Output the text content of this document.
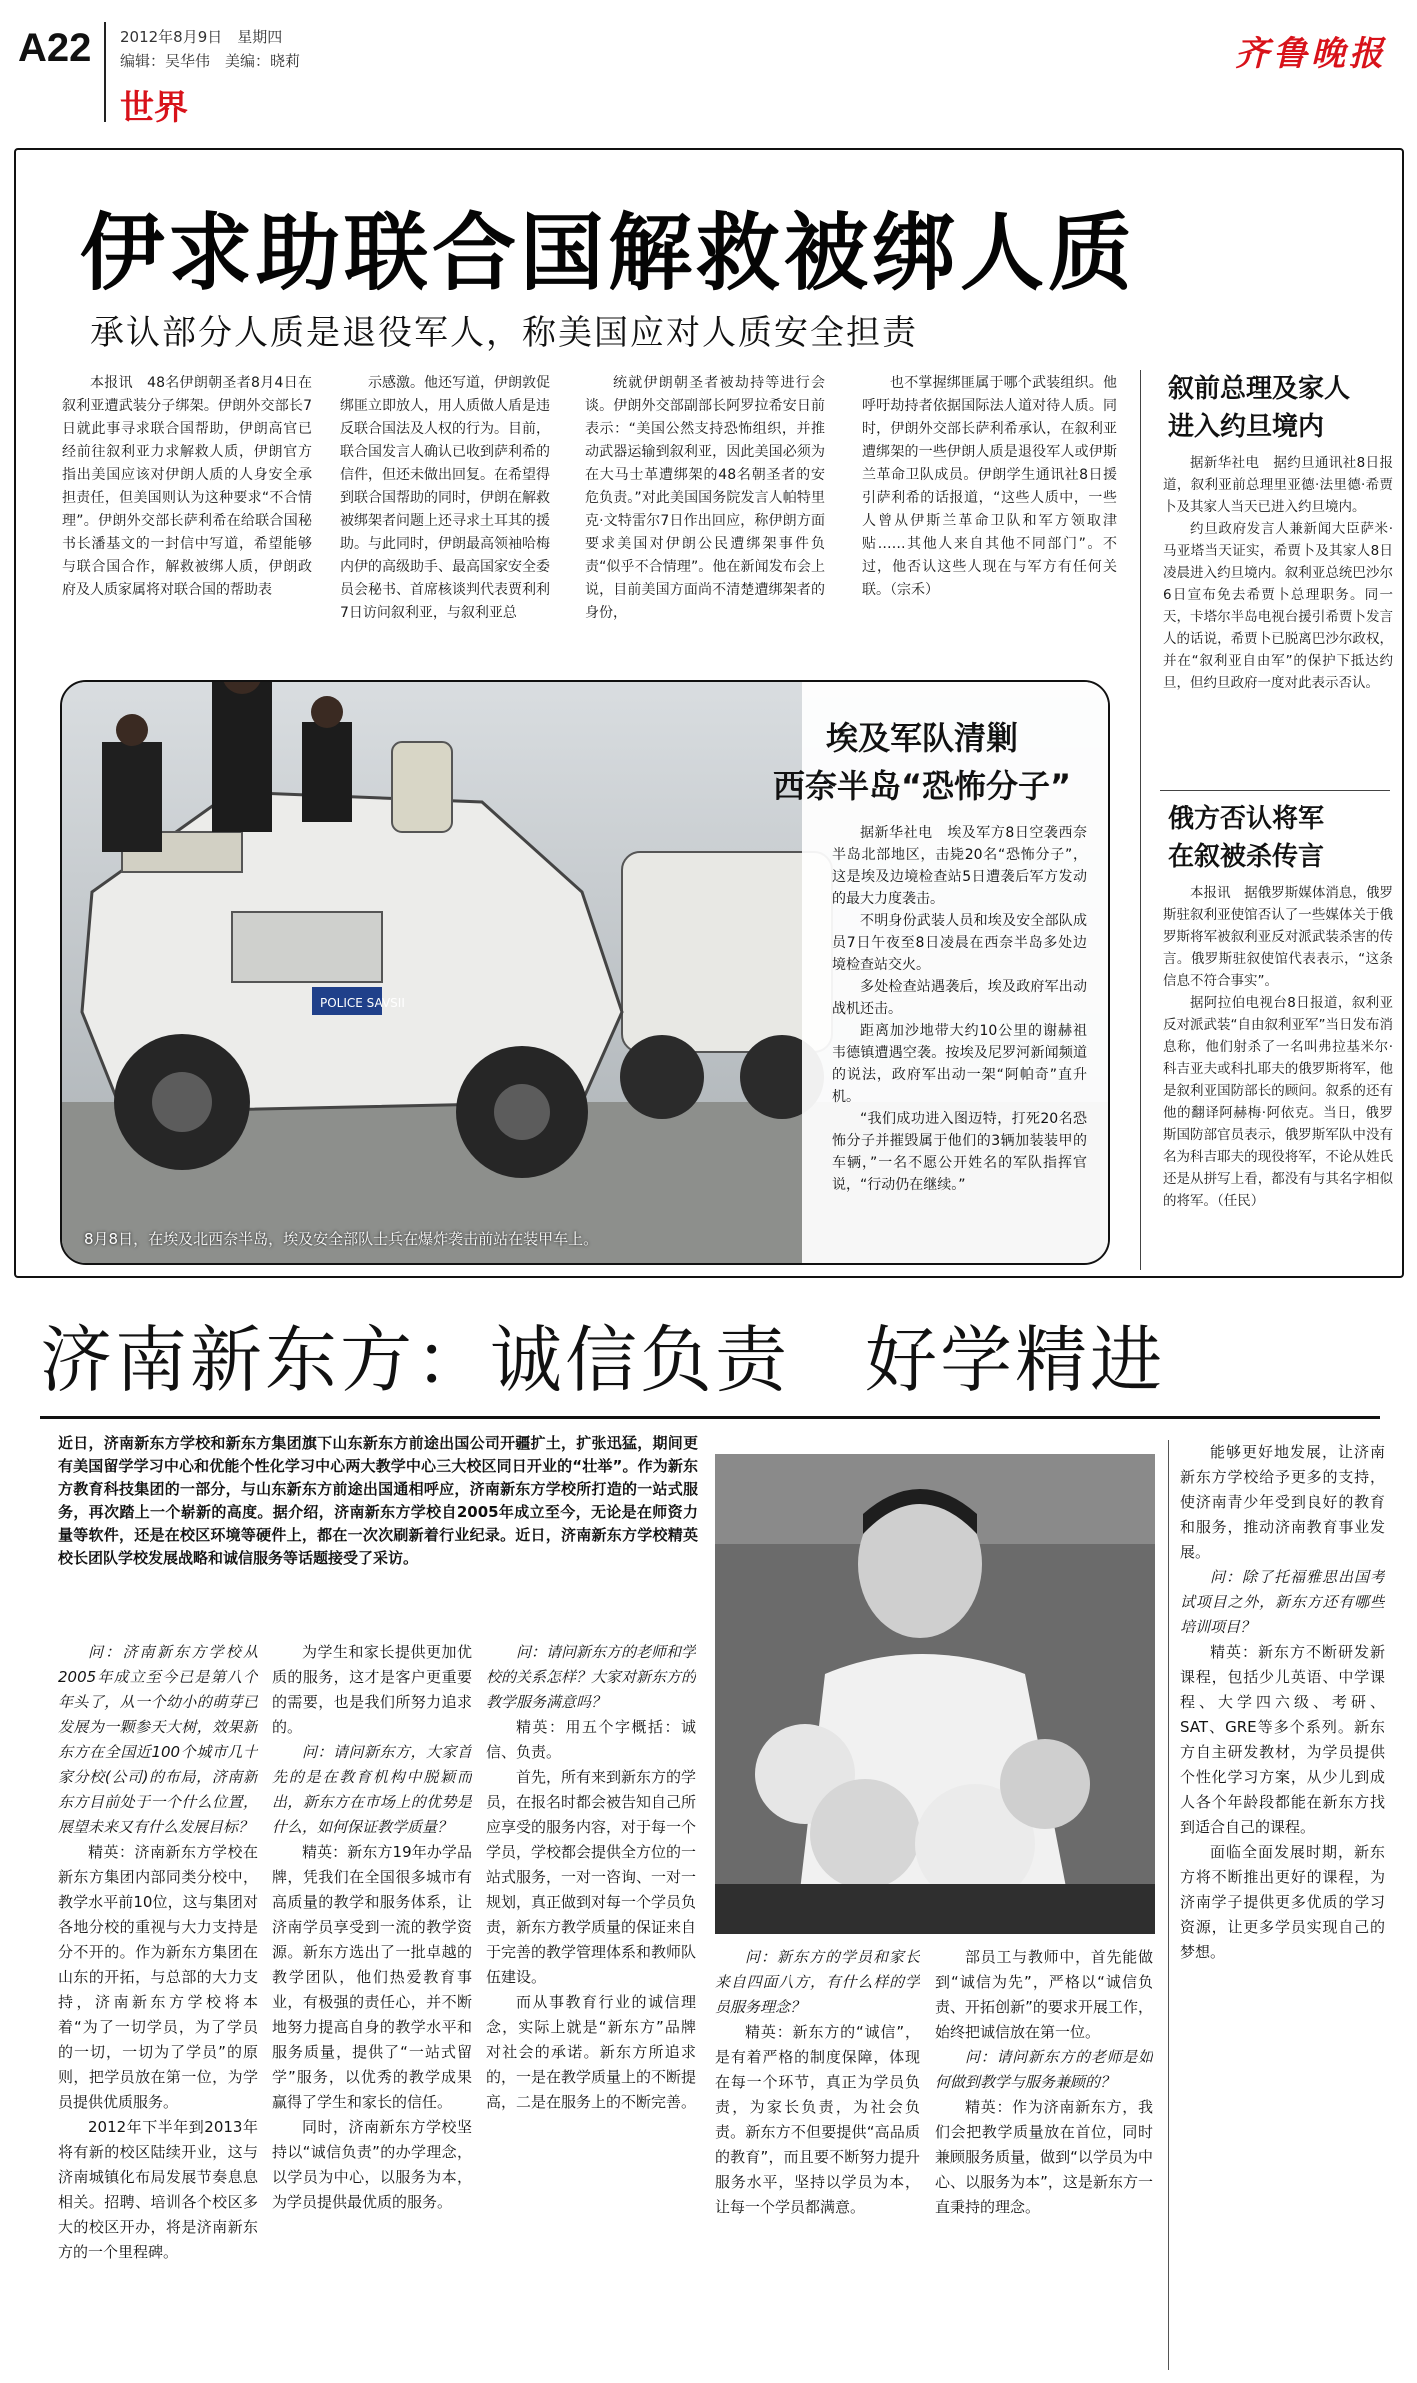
A22 2012年8月9日　星期四
编辑：吴华伟　美编：晓莉
世界
齐鲁晚报
伊求助联合国解救被绑人质
承认部分人质是退役军人，称美国应对人质安全担责

本报讯　48名伊朗朝圣者8月4日在叙利亚遭武装分子绑架。伊朗外交部长7日就此事寻求联合国帮助，伊朗高官已经前往叙利亚力求解救人质，伊朗官方指出美国应该对伊朗人质的人身安全承担责任，但美国则认为这种要求“不合情理”。伊朗外交部长萨利希在给联合国秘书长潘基文的一封信中写道，希望能够与联合国合作，解救被绑人质，伊朗政府及人质家属将对联合国的帮助表

示感激。他还写道，伊朗敦促绑匪立即放人，用人质做人盾是违反联合国法及人权的行为。目前，联合国发言人确认已收到萨利希的信件，但还未做出回复。在希望得到联合国帮助的同时，伊朗在解救被绑架者问题上还寻求土耳其的援助。与此同时，伊朗最高领袖哈梅内伊的高级助手、最高国家安全委员会秘书、首席核谈判代表贾利利7日访问叙利亚，与叙利亚总

统就伊朗朝圣者被劫持等进行会谈。伊朗外交部副部长阿罗拉希安日前表示：“美国公然支持恐怖组织，并推动武器运输到叙利亚，因此美国必须为在大马士革遭绑架的48名朝圣者的安危负责。”对此美国国务院发言人帕特里克·文特雷尔7日作出回应，称伊朗方面要求美国对伊朗公民遭绑架事件负责“似乎不合情理”。他在新闻发布会上说，目前美国方面尚不清楚遭绑架者的身份，

也不掌握绑匪属于哪个武装组织。他呼吁劫持者依据国际法人道对待人质。同时，伊朗外交部长萨利希承认，在叙利亚遭绑架的一些伊朗人质是退役军人或伊斯兰革命卫队成员。伊朗学生通讯社8日援引萨利希的话报道，“这些人质中，一些人曾从伊斯兰革命卫队和军方领取津贴……其他人来自其他不同部门”。不过，他否认这些人现在与军方有任何关联。（宗禾）

POLICE SAVSII
8月8日，在埃及北西奈半岛，埃及安全部队士兵在爆炸袭击前站在装甲车上。
埃及军队清剿
西奈半岛“恐怖分子”

据新华社电　埃及军方8日空袭西奈半岛北部地区，击毙20名“恐怖分子”，这是埃及边境检查站5日遭袭后军方发动的最大力度袭击。

不明身份武装人员和埃及安全部队成员7日午夜至8日凌晨在西奈半岛多处边境检查站交火。

多处检查站遇袭后，埃及政府军出动战机还击。

距离加沙地带大约10公里的谢赫祖韦德镇遭遇空袭。按埃及尼罗河新闻频道的说法，政府军出动一架“阿帕奇”直升机。

“我们成功进入图迈特，打死20名恐怖分子并摧毁属于他们的3辆加装装甲的车辆，”一名不愿公开姓名的军队指挥官说，“行动仍在继续。”

叙前总理及家人
进入约旦境内

据新华社电　据约旦通讯社8日报道，叙利亚前总理里亚德·法里德·希贾卜及其家人当天已进入约旦境内。

约旦政府发言人兼新闻大臣萨米·马亚塔当天证实，希贾卜及其家人8日凌晨进入约旦境内。叙利亚总统巴沙尔6日宣布免去希贾卜总理职务。同一天，卡塔尔半岛电视台援引希贾卜发言人的话说，希贾卜已脱离巴沙尔政权，并在“叙利亚自由军”的保护下抵达约旦，但约旦政府一度对此表示否认。

俄方否认将军
在叙被杀传言

本报讯　据俄罗斯媒体消息，俄罗斯驻叙利亚使馆否认了一些媒体关于俄罗斯将军被叙利亚反对派武装杀害的传言。俄罗斯驻叙使馆代表表示，“这条信息不符合事实”。

据阿拉伯电视台8日报道，叙利亚反对派武装“自由叙利亚军”当日发布消息称，他们射杀了一名叫弗拉基米尔·科吉亚夫或科扎耶夫的俄罗斯将军，他是叙利亚国防部长的顾问。叙系的还有他的翻译阿赫梅·阿依克。当日，俄罗斯国防部官员表示，俄罗斯军队中没有名为科吉耶夫的现役将军，不论从姓氏还是从拼写上看，都没有与其名字相似的将军。（任民）

济南新东方：诚信负责　好学精进
近日，济南新东方学校和新东方集团旗下山东新东方前途出国公司开疆扩土，扩张迅猛，期间更有美国留学学习中心和优能个性化学习中心两大教学中心三大校区同日开业的“壮举”。作为新东方教育科技集团的一部分，与山东新东方前途出国通相呼应，济南新东方学校所打造的一站式服务，再次踏上一个崭新的高度。据介绍，济南新东方学校自2005年成立至今，无论是在师资力量等软件，还是在校区环境等硬件上，都在一次次刷新着行业纪录。近日，济南新东方学校精英校长团队学校发展战略和诚信服务等话题接受了采访。

问：济南新东方学校从2005年成立至今已是第八个年头了，从一个幼小的萌芽已发展为一颗参天大树，效果新东方在全国近100个城市几十家分校(公司)的布局，济南新东方目前处于一个什么位置，展望未来又有什么发展目标？

精英：济南新东方学校在新东方集团内部同类分校中，教学水平前10位，这与集团对各地分校的重视与大力支持是分不开的。作为新东方集团在山东的开拓，与总部的大力支持，济南新东方学校将本着“为了一切学员，为了学员的一切，一切为了学员”的原则，把学员放在第一位，为学员提供优质服务。

2012年下半年到2013年将有新的校区陆续开业，这与济南城镇化布局发展节奏息息相关。招聘、培训各个校区多大的校区开办，将是济南新东方的一个里程碑。

为学生和家长提供更加优质的服务，这才是客户更重要的需要，也是我们所努力追求的。

问：请问新东方，大家首先的是在教育机构中脱颖而出，新东方在市场上的优势是什么，如何保证教学质量？

精英：新东方19年办学品牌，凭我们在全国很多城市有高质量的教学和服务体系，让济南学员享受到一流的教学资源。新东方选出了一批卓越的教学团队，他们热爱教育事业，有极强的责任心，并不断地努力提高自身的教学水平和服务质量，提供了“一站式留学”服务，以优秀的教学成果赢得了学生和家长的信任。

同时，济南新东方学校坚持以“诚信负责”的办学理念，以学员为中心，以服务为本，为学员提供最优质的服务。

问：请问新东方的老师和学校的关系怎样？大家对新东方的教学服务满意吗？

精英：用五个字概括：诚信、负责。

首先，所有来到新东方的学员，在报名时都会被告知自己所应享受的服务内容，对于每一个学员，学校都会提供全方位的一站式服务，一对一咨询、一对一规划，真正做到对每一个学员负责，新东方教学质量的保证来自于完善的教学管理体系和教师队伍建设。

而从事教育行业的诚信理念，实际上就是“新东方”品牌对社会的承诺。新东方所追求的，一是在教学质量上的不断提高，二是在服务上的不断完善。

问：新东方的学员和家长来自四面八方，有什么样的学员服务理念？

精英：新东方的“诚信”，是有着严格的制度保障，体现在每一个环节，真正为学员负责，为家长负责，为社会负责。新东方不但要提供“高品质的教育”，而且要不断努力提升服务水平，坚持以学员为本，让每一个学员都满意。

部员工与教师中，首先能做到“诚信为先”，严格以“诚信负责、开拓创新”的要求开展工作，始终把诚信放在第一位。

问：请问新东方的老师是如何做到教学与服务兼顾的？

精英：作为济南新东方，我们会把教学质量放在首位，同时兼顾服务质量，做到“以学员为中心、以服务为本”，这是新东方一直秉持的理念。

能够更好地发展，让济南新东方学校给予更多的支持，使济南青少年受到良好的教育和服务，推动济南教育事业发展。

问：除了托福雅思出国考试项目之外，新东方还有哪些培训项目？

精英：新东方不断研发新课程，包括少儿英语、中学课程、大学四六级、考研、SAT、GRE等多个系列。新东方自主研发教材，为学员提供个性化学习方案，从少儿到成人各个年龄段都能在新东方找到适合自己的课程。

面临全面发展时期，新东方将不断推出更好的课程，为济南学子提供更多优质的学习资源，让更多学员实现自己的梦想。
